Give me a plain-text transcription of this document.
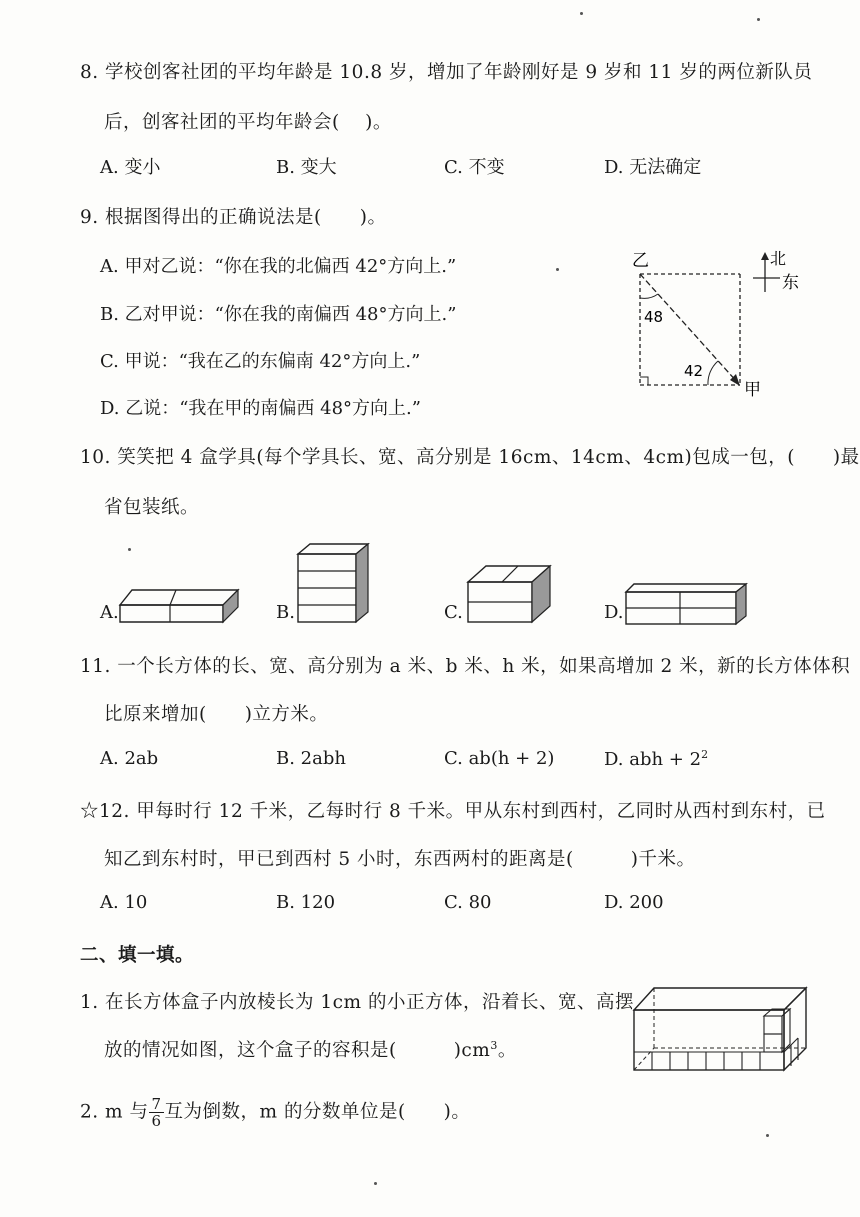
8. 学校创客社团的平均年龄是 10.8 岁，增加了年龄刚好是 9 岁和 11 岁的两位新队员
后，创客社团的平均年龄会(　 )。
A. 变小	B. 变大	C. 不变	D. 无法确定
9. 根据图得出的正确说法是(　　)。
A. 甲对乙说：“你在我的北偏西 42°方向上.”
B. 乙对甲说：“你在我的南偏西 48°方向上.”
C. 甲说：“我在乙的东偏南 42°方向上.”
D. 乙说：“我在甲的南偏西 48°方向上.”
乙
甲
48
42
北
东
10. 笑笑把 4 盒学具(每个学具长、宽、高分别是 16cm、14cm、4cm)包成一包，(　　)最
省包装纸。
A.	B.	C.	D.
11. 一个长方体的长、宽、高分别为 a 米、b 米、h 米，如果高增加 2 米，新的长方体体积
比原来增加(　　)立方米。
A. 2ab	B. 2abh	C. ab(h + 2)	D. abh + $2^2$
☆12. 甲每时行 12 千米，乙每时行 8 千米。甲从东村到西村，乙同时从西村到东村，已
知乙到东村时，甲已到西村 5 小时，东西两村的距离是(　　　)千米。
A. 10	B. 120	C. 80	D. 200
二、填一填。
1. 在长方体盒子内放棱长为 1cm 的小正方体，沿着长、宽、高摆
放的情况如图，这个盒子的容积是(　　　)$cm^3$。
2. m 与 $\frac{7}{6}$ 互为倒数，m 的分数单位是(　　)。
